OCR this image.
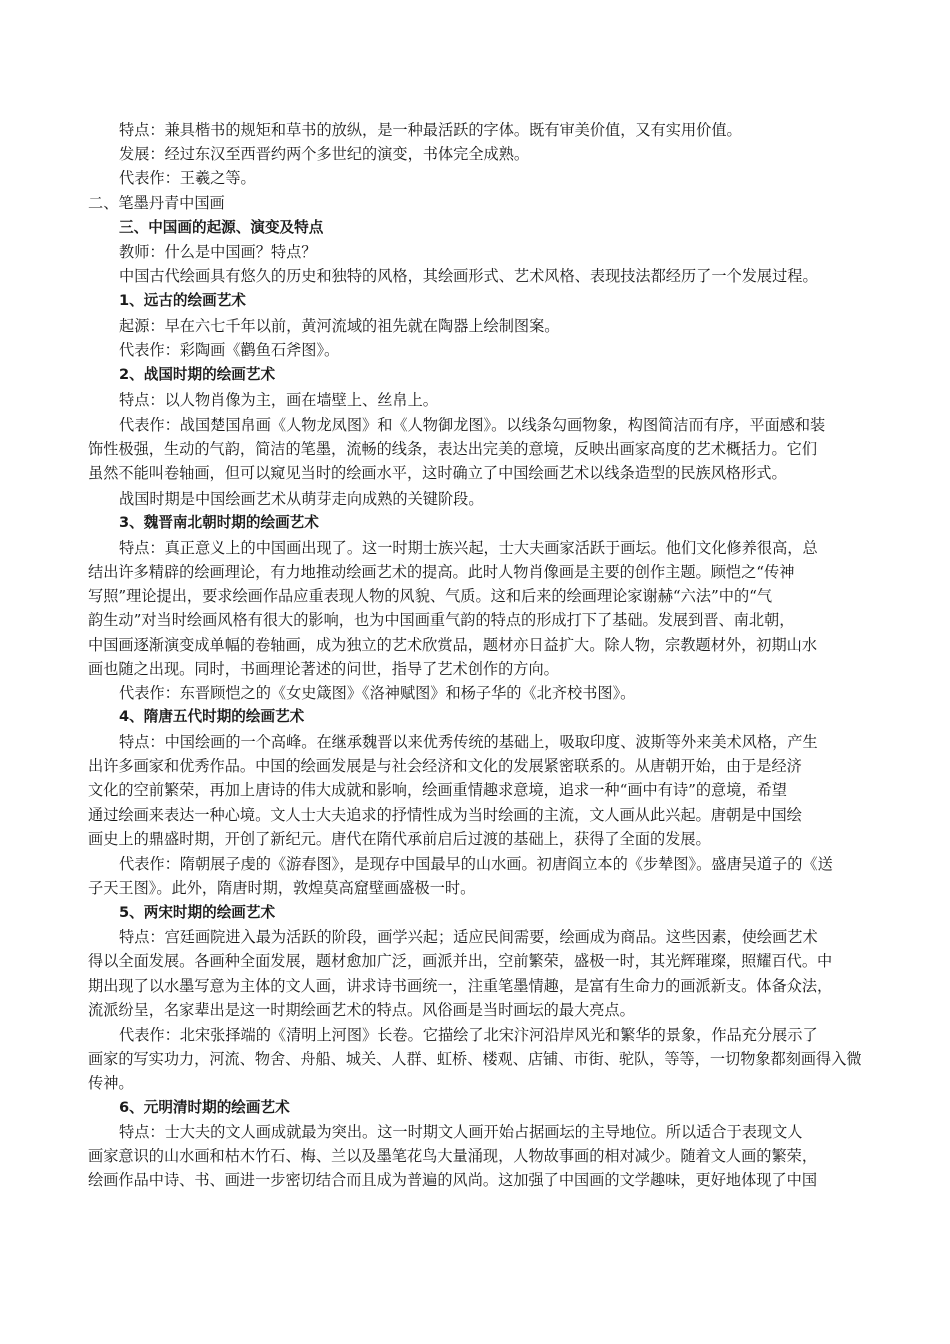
特点：兼具楷书的规矩和草书的放纵，是一种最活跃的字体。既有审美价值，又有实用价值。
发展：经过东汉至西晋约两个多世纪的演变，书体完全成熟。
代表作：王羲之等。
二、笔墨丹青中国画
三、中国画的起源、演变及特点
教师：什么是中国画？特点？
中国古代绘画具有悠久的历史和独特的风格，其绘画形式、艺术风格、表现技法都经历了一个发展过程。
1、远古的绘画艺术
起源：早在六七千年以前，黄河流域的祖先就在陶器上绘制图案。
代表作：彩陶画《鹳鱼石斧图》。
2、战国时期的绘画艺术
特点：以人物肖像为主，画在墙壁上、丝帛上。
代表作：战国楚国帛画《人物龙凤图》和《人物御龙图》。以线条勾画物象，构图简洁而有序，平面感和装
饰性极强，生动的气韵，简洁的笔墨，流畅的线条，表达出完美的意境，反映出画家高度的艺术概括力。它们
虽然不能叫卷轴画，但可以窥见当时的绘画水平，这时确立了中国绘画艺术以线条造型的民族风格形式。
战国时期是中国绘画艺术从萌芽走向成熟的关键阶段。
3、魏晋南北朝时期的绘画艺术
特点：真正意义上的中国画出现了。这一时期士族兴起，士大夫画家活跃于画坛。他们文化修养很高，总
结出许多精辟的绘画理论，有力地推动绘画艺术的提高。此时人物肖像画是主要的创作主题。顾恺之“传神
写照”理论提出，要求绘画作品应重表现人物的风貌、气质。这和后来的绘画理论家谢赫“六法”中的“气
韵生动”对当时绘画风格有很大的影响，也为中国画重气韵的特点的形成打下了基础。发展到晋、南北朝，
中国画逐渐演变成单幅的卷轴画，成为独立的艺术欣赏品，题材亦日益扩大。除人物，宗教题材外，初期山水
画也随之出现。同时，书画理论著述的问世，指导了艺术创作的方向。
代表作：东晋顾恺之的《女史箴图》《洛神赋图》和杨子华的《北齐校书图》。
4、隋唐五代时期的绘画艺术
特点：中国绘画的一个高峰。在继承魏晋以来优秀传统的基础上，吸取印度、波斯等外来美术风格，产生
出许多画家和优秀作品。中国的绘画发展是与社会经济和文化的发展紧密联系的。从唐朝开始，由于是经济
文化的空前繁荣，再加上唐诗的伟大成就和影响，绘画重情趣求意境，追求一种“画中有诗”的意境，希望
通过绘画来表达一种心境。文人士大夫追求的抒情性成为当时绘画的主流，文人画从此兴起。唐朝是中国绘
画史上的鼎盛时期，开创了新纪元。唐代在隋代承前启后过渡的基础上，获得了全面的发展。
代表作：隋朝展子虔的《游春图》，是现存中国最早的山水画。初唐阎立本的《步辇图》。盛唐吴道子的《送
子天王图》。此外，隋唐时期，敦煌莫高窟壁画盛极一时。
5、两宋时期的绘画艺术
特点：宫廷画院进入最为活跃的阶段，画学兴起；适应民间需要，绘画成为商品。这些因素，使绘画艺术
得以全面发展。各画种全面发展，题材愈加广泛，画派并出，空前繁荣，盛极一时，其光辉璀璨，照耀百代。中
期出现了以水墨写意为主体的文人画，讲求诗书画统一，注重笔墨情趣，是富有生命力的画派新支。体备众法，
流派纷呈，名家辈出是这一时期绘画艺术的特点。风俗画是当时画坛的最大亮点。
代表作：北宋张择端的《清明上河图》长卷。它描绘了北宋汴河沿岸风光和繁华的景象，作品充分展示了
画家的写实功力，河流、物舍、舟船、城关、人群、虹桥、楼观、店铺、市街、驼队，等等，一切物象都刻画得入微
传神。
6、元明清时期的绘画艺术
特点：士大夫的文人画成就最为突出。这一时期文人画开始占据画坛的主导地位。所以适合于表现文人
画家意识的山水画和枯木竹石、梅、兰以及墨笔花鸟大量涌现，人物故事画的相对减少。随着文人画的繁荣，
绘画作品中诗、书、画进一步密切结合而且成为普遍的风尚。这加强了中国画的文学趣味，更好地体现了中国
